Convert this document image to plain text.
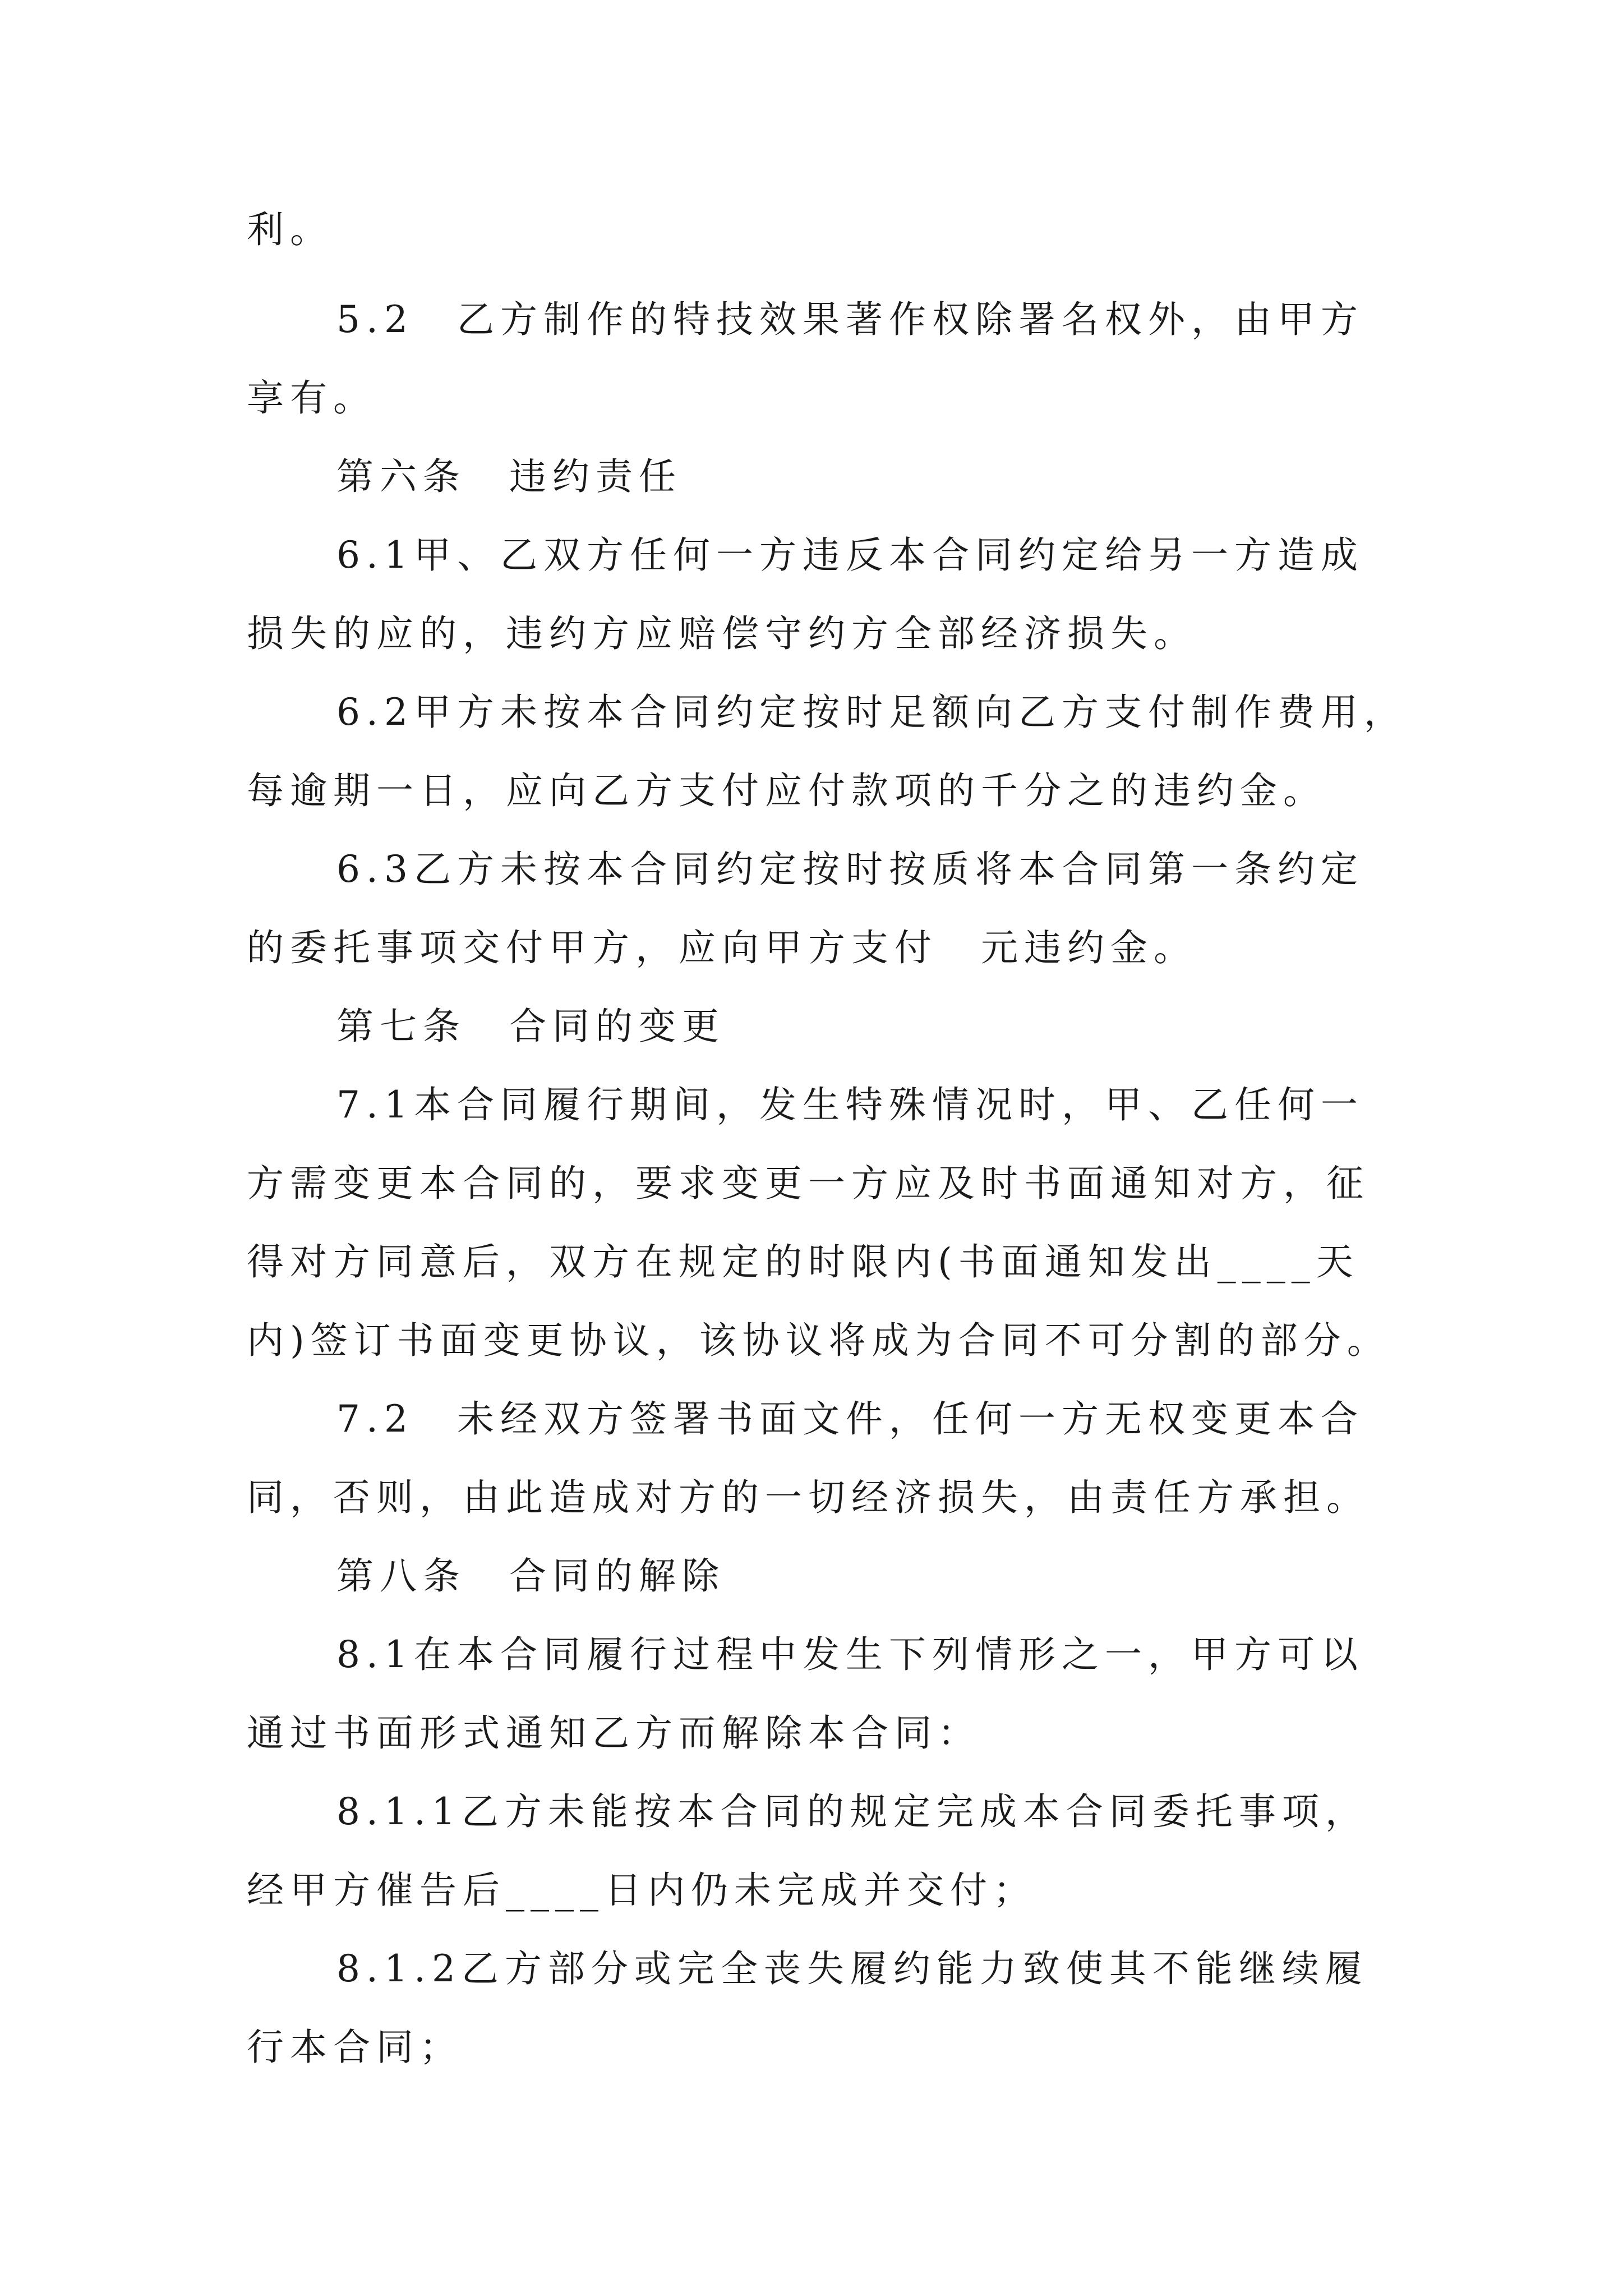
利。
5.2　乙方制作的特技效果著作权除署名权外，由甲方
享有。
第六条　违约责任
6.1甲、乙双方任何一方违反本合同约定给另一方造成
损失的应的，违约方应赔偿守约方全部经济损失。
6.2甲方未按本合同约定按时足额向乙方支付制作费用，
每逾期一日，应向乙方支付应付款项的千分之的违约金。
6.3乙方未按本合同约定按时按质将本合同第一条约定
的委托事项交付甲方，应向甲方支付　元违约金。
第七条　合同的变更
7.1本合同履行期间，发生特殊情况时，甲、乙任何一
方需变更本合同的，要求变更一方应及时书面通知对方，征
得对方同意后，双方在规定的时限内(书面通知发出____天
内)签订书面变更协议，该协议将成为合同不可分割的部分。
7.2　未经双方签署书面文件，任何一方无权变更本合
同，否则，由此造成对方的一切经济损失，由责任方承担。
第八条　合同的解除
8.1在本合同履行过程中发生下列情形之一，甲方可以
通过书面形式通知乙方而解除本合同：
8.1.1乙方未能按本合同的规定完成本合同委托事项，
经甲方催告后____日内仍未完成并交付；
8.1.2乙方部分或完全丧失履约能力致使其不能继续履
行本合同；
